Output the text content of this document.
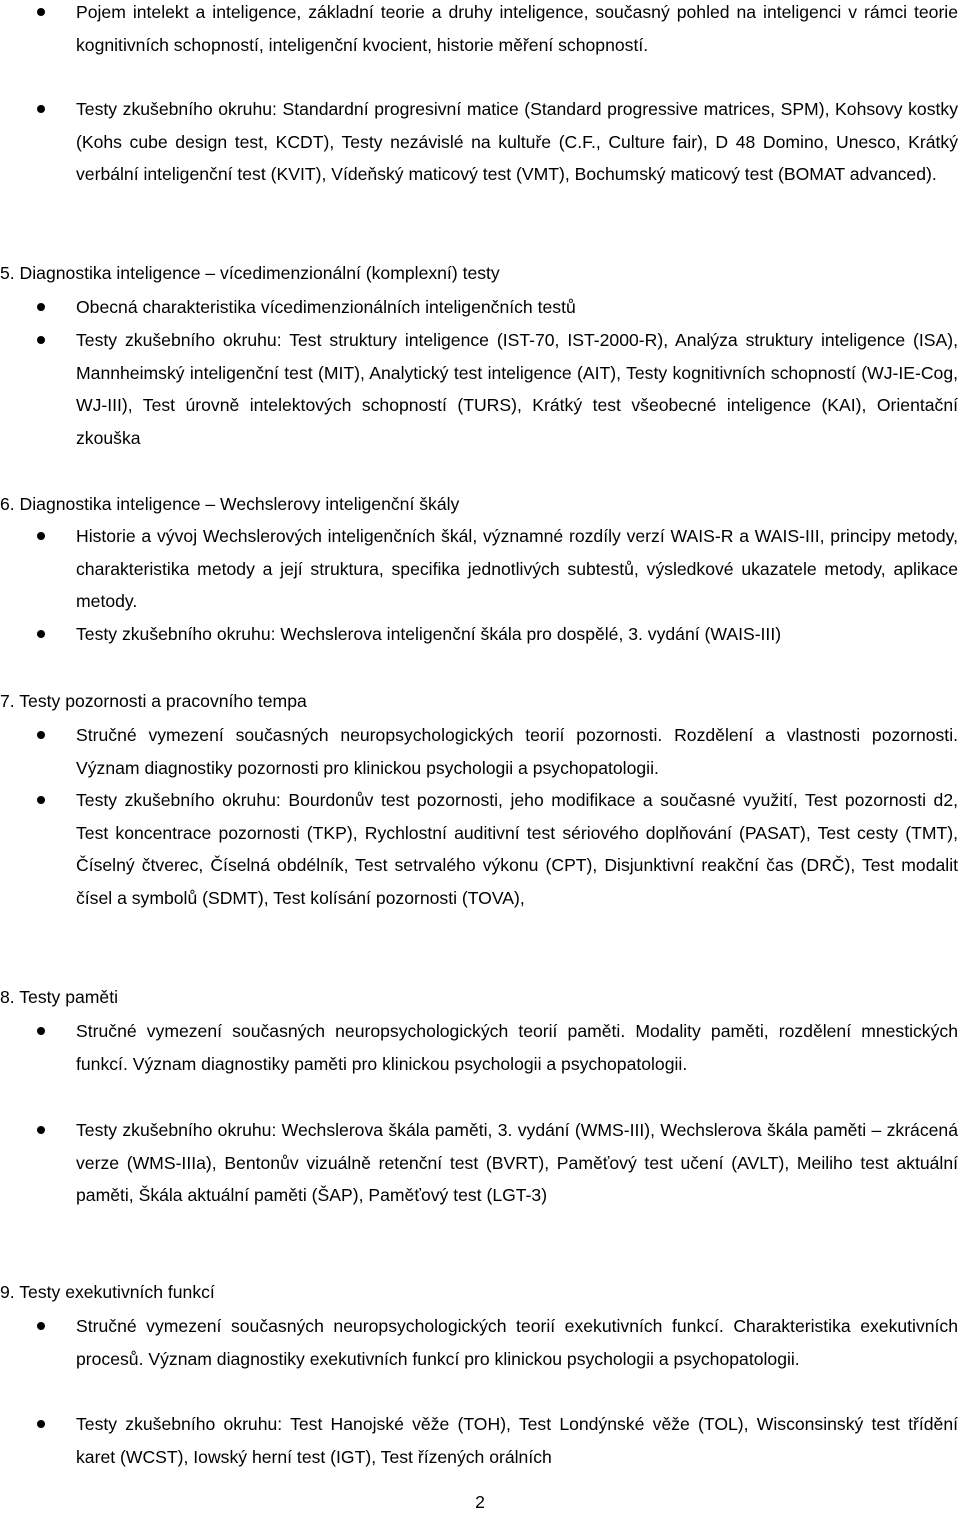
Pojem intelekt a inteligence, základní teorie a druhy inteligence, současný pohled na inteligenci v rámci teorie kognitivních schopností, inteligenční kvocient, historie měření schopností.
Testy zkušebního okruhu: Standardní progresivní matice (Standard progressive matrices, SPM), Kohsovy kostky (Kohs cube design test, KCDT), Testy nezávislé na kultuře (C.F., Culture fair), D 48 Domino, Unesco, Krátký verbální inteligenční test (KVIT), Vídeňský maticový test (VMT), Bochumský maticový test (BOMAT advanced).
5. Diagnostika inteligence – vícedimenzionální (komplexní) testy
Obecná charakteristika vícedimenzionálních inteligenčních testů
Testy zkušebního okruhu: Test struktury inteligence (IST-70, IST-2000-R), Analýza struktury inteligence (ISA), Mannheimský inteligenční test (MIT), Analytický test inteligence (AIT), Testy kognitivních schopností (WJ-IE-Cog, WJ-III), Test úrovně intelektových schopností (TURS), Krátký test všeobecné inteligence (KAI), Orientační zkouška
6. Diagnostika inteligence – Wechslerovy inteligenční škály
Historie a vývoj Wechslerových inteligenčních škál, významné rozdíly verzí WAIS-R a WAIS-III, principy metody, charakteristika metody a její struktura, specifika jednotlivých subtestů, výsledkové ukazatele metody, aplikace metody.
Testy zkušebního okruhu: Wechslerova inteligenční škála pro dospělé, 3. vydání (WAIS-III)
7. Testy pozornosti a pracovního tempa
Stručné vymezení současných neuropsychologických teorií pozornosti. Rozdělení a vlastnosti pozornosti. Význam diagnostiky pozornosti pro klinickou psychologii a psychopatologii.
Testy zkušebního okruhu: Bourdonův test pozornosti, jeho modifikace a současné využití, Test pozornosti d2, Test koncentrace pozornosti (TKP), Rychlostní auditivní test sériového doplňování (PASAT), Test cesty (TMT), Číselný čtverec, Číselná obdélník, Test setrvalého výkonu (CPT), Disjunktivní reakční čas (DRČ), Test modalit čísel a symbolů (SDMT), Test kolísání pozornosti (TOVA),
8. Testy paměti
Stručné vymezení současných neuropsychologických teorií paměti. Modality paměti, rozdělení mnestických funkcí. Význam diagnostiky paměti pro klinickou psychologii a psychopatologii.
Testy zkušebního okruhu: Wechslerova škála paměti, 3. vydání (WMS-III), Wechslerova škála paměti – zkrácená verze (WMS-IIIa), Bentonův vizuálně retenční test (BVRT), Paměťový test učení (AVLT), Meiliho test aktuální paměti, Škála aktuální paměti (ŠAP), Paměťový test (LGT-3)
9. Testy exekutivních funkcí
Stručné vymezení současných neuropsychologických teorií exekutivních funkcí. Charakteristika exekutivních procesů. Význam diagnostiky exekutivních funkcí pro klinickou psychologii a psychopatologii.
Testy zkušebního okruhu: Test Hanojské věže (TOH), Test Londýnské věže (TOL), Wisconsinský test třídění karet (WCST), Iowský herní test (IGT), Test řízených orálních
2
